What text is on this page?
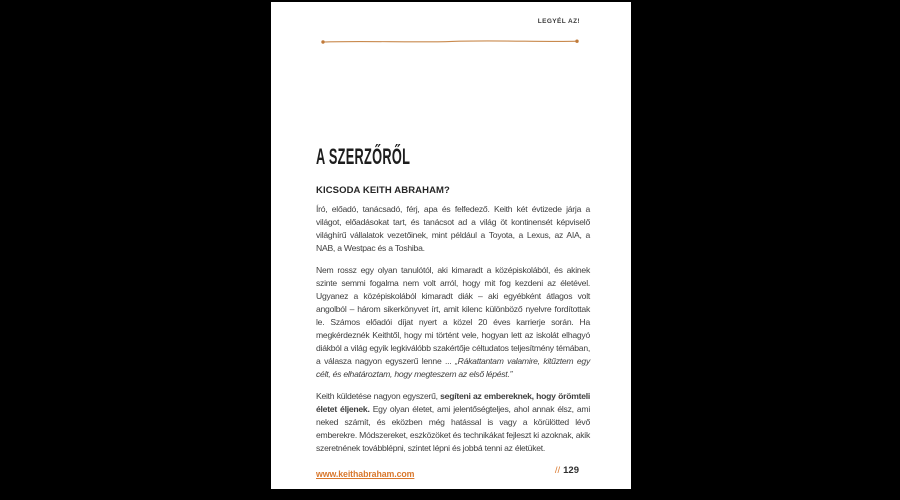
LEGYÉL AZ!
A SZERZŐRŐL
KICSODA KEITH ABRAHAM?

Író, előadó, tanácsadó, férj, apa és felfedező. Keith két évtizede járja a világot, előadásokat tart, és tanácsot ad a világ öt kontinensét képviselő világhírű vállalatok vezetőinek, mint például a Toyota, a Lexus, az AIA, a NAB, a Westpac és a Toshiba.

Nem rossz egy olyan tanulótól, aki kimaradt a középiskolából, és akinek szinte semmi fogalma nem volt arról, hogy mit fog kezdeni az életével. Ugyanez a középiskolából kimaradt diák – aki egyébként átlagos volt angolból – három sikerkönyvet írt, amit kilenc különböző nyelvre fordítottak le. Számos előadói díjat nyert a közel 20 éves karrierje során. Ha megkérdeznék Keithtől, hogy mi történt vele, hogyan lett az iskolát elhagyó diákból a világ egyik legkiválóbb szakértője céltudatos teljesítmény témában, a válasza nagyon egyszerű lenne ... „Rákattantam valamire, kitűztem egy célt, és elhatároztam, hogy megteszem az első lépést.”

Keith küldetése nagyon egyszerű, segíteni az embereknek, hogy örömteli életet éljenek. Egy olyan életet, ami jelentőségteljes, ahol annak élsz, ami neked számít, és eközben még hatással is vagy a körülötted lévő emberekre. Módszereket, eszközöket és technikákat fejleszt ki azoknak, akik szeretnének továbblépni, szintet lépni és jobbá tenni az életüket.

www.keithabraham.com	// 129
